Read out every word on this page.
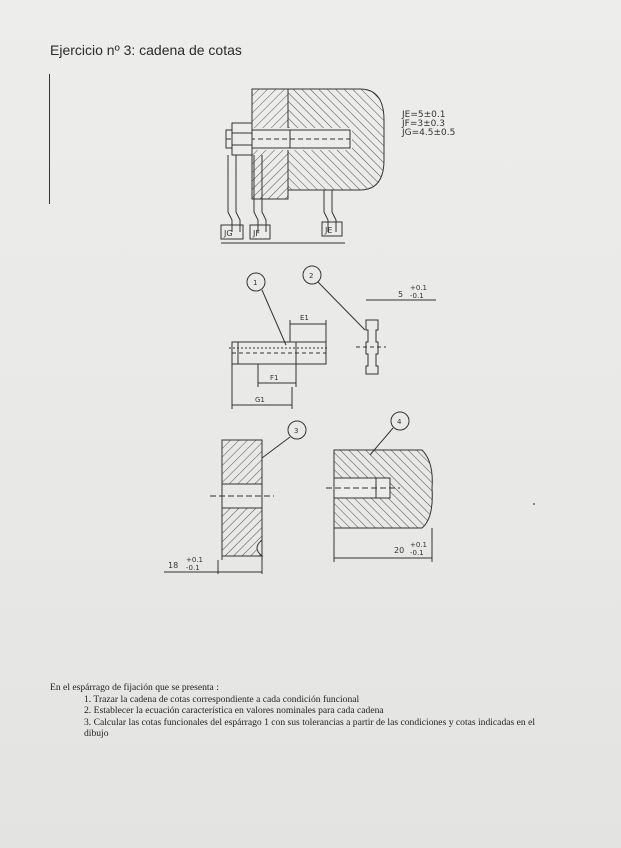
Ejercicio nº 3: cadena de cotas
JE=5±0.1
JF=3±0.3
JG=4.5±0.5
JG	JF	JE
1
2
E1
F1
G1
5
+0.1
-0.1
3
4
18
+0.1
-0.1
20
+0.1
-0.1

En el espárrago de fijación que se presenta :

1. Trazar la cadena de cotas correspondiente a cada condición funcional

2. Establecer la ecuación característica en valores nominales para cada cadena

3. Calcular las cotas funcionales del espárrago 1 con sus tolerancias a partir de las condiciones y cotas indicadas en el

dibujo
